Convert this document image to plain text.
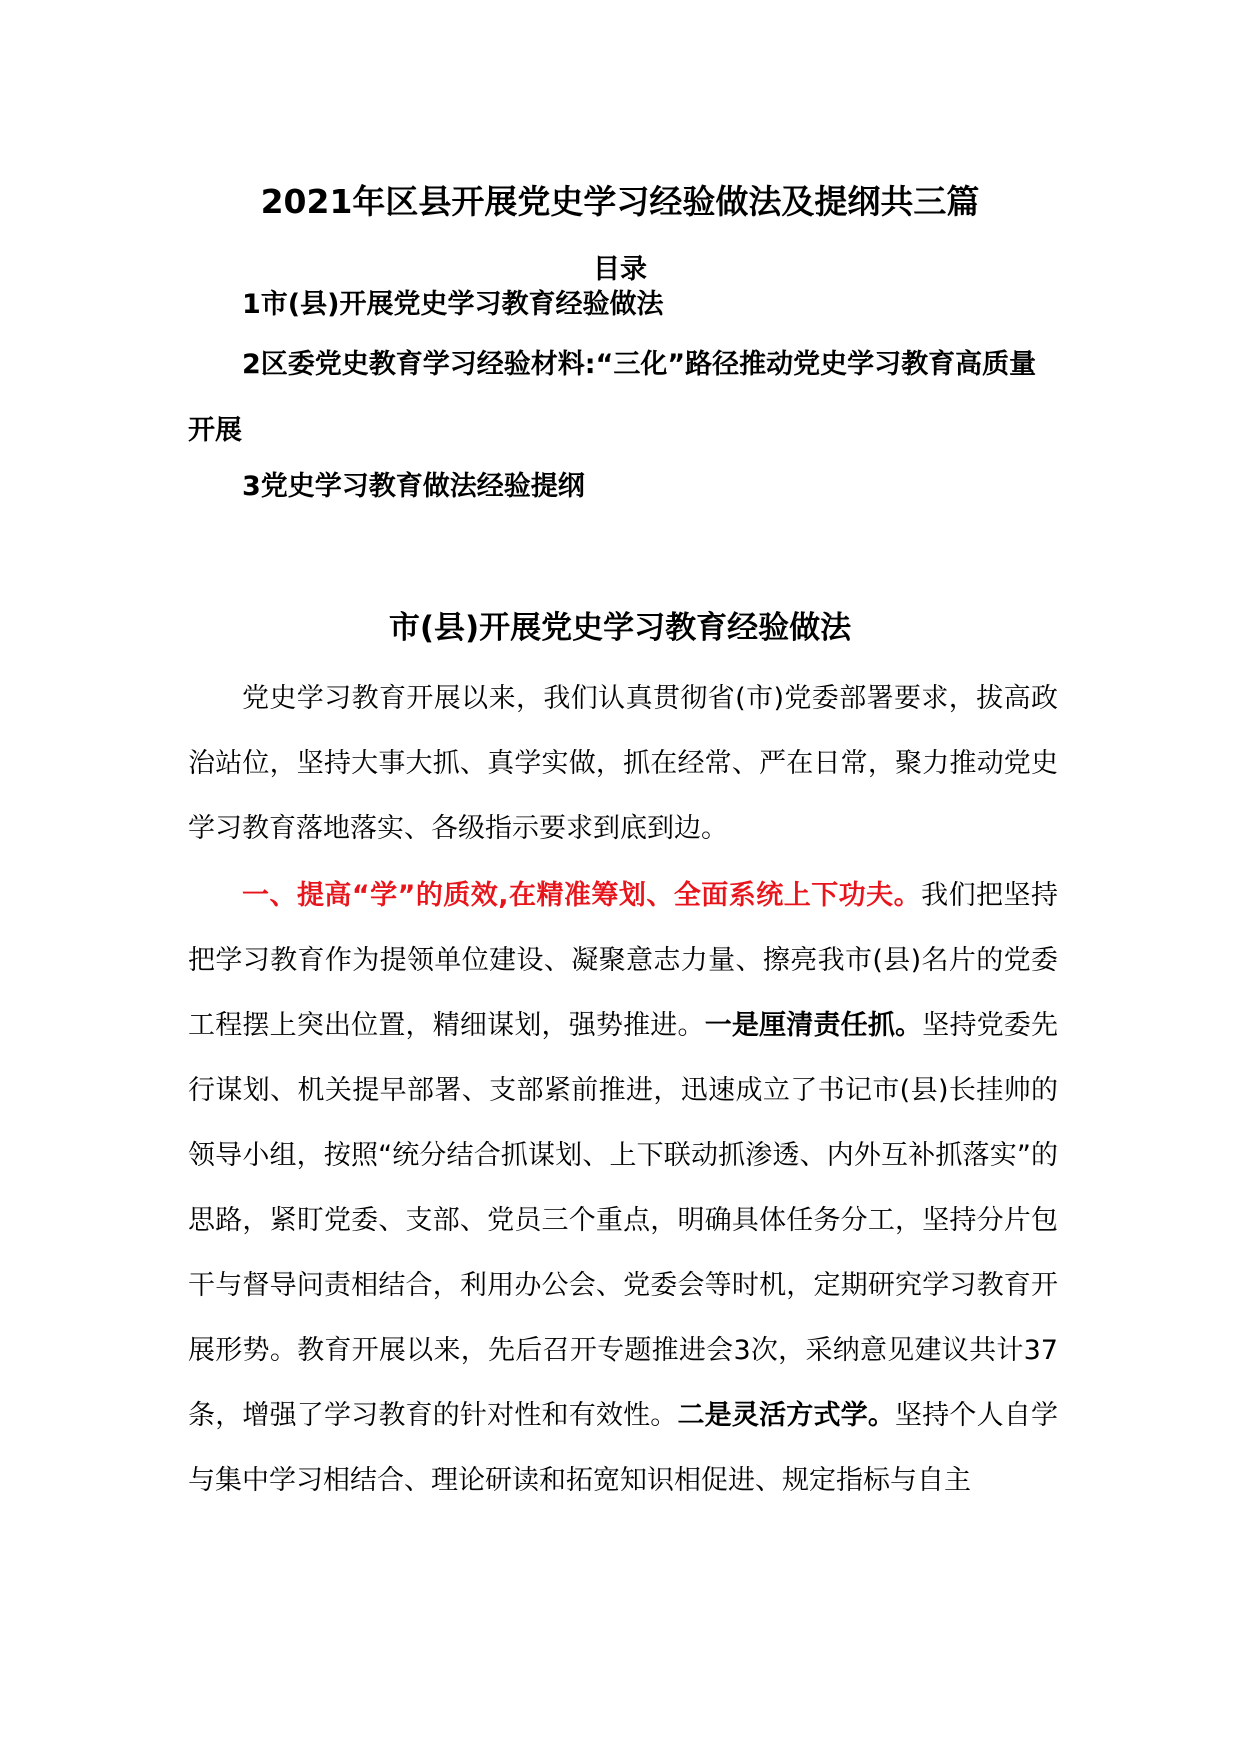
2021年区县开展党史学习经验做法及提纲共三篇
目录

1市(县)开展党史学习教育经验做法

2区委党史教育学习经验材料:“三化”路径推动党史学习教育高质量开展

3党史学习教育做法经验提纲

市(县)开展党史学习教育经验做法

党史学习教育开展以来，我们认真贯彻省(市)党委部署要求，拔高政治站位，坚持大事大抓、真学实做，抓在经常、严在日常，聚力推动党史学习教育落地落实、各级指示要求到底到边。

一、提高“学”的质效,在精准筹划、全面系统上下功夫。我们把坚持把学习教育作为提领单位建设、凝聚意志力量、擦亮我市(县)名片的党委工程摆上突出位置，精细谋划，强势推进。一是厘清责任抓。坚持党委先行谋划、机关提早部署、支部紧前推进，迅速成立了书记市(县)长挂帅的领导小组，按照“统分结合抓谋划、上下联动抓渗透、内外互补抓落实”的思路，紧盯党委、支部、党员三个重点，明确具体任务分工，坚持分片包干与督导问责相结合，利用办公会、党委会等时机，定期研究学习教育开展形势。教育开展以来，先后召开专题推进会3次，采纳意见建议共计37条，增强了学习教育的针对性和有效性。二是灵活方式学。坚持个人自学与集中学习相结合、理论研读和拓宽知识相促进、规定指标与自主
